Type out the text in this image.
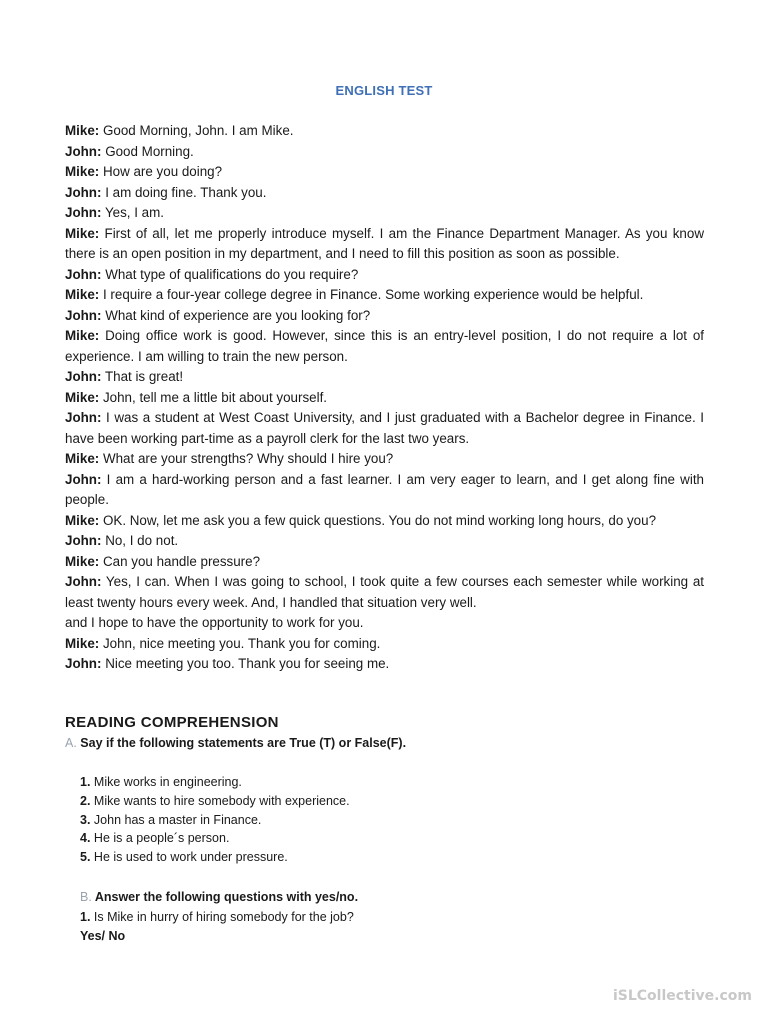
ENGLISH TEST

Mike: Good Morning, John. I am Mike.

John: Good Morning.

Mike: How are you doing?

John: I am doing fine. Thank you.

John: Yes, I am.

Mike: First of all, let me properly introduce myself. I am the Finance Department Manager. As you know there is an open position in my department, and I need to fill this position as soon as possible.

John: What type of qualifications do you require?

Mike: I require a four-year college degree in Finance. Some working experience would be helpful.

John: What kind of experience are you looking for?

Mike: Doing office work is good. However, since this is an entry-level position, I do not require a lot of experience. I am willing to train the new person.

John: That is great!

Mike: John, tell me a little bit about yourself.

John: I was a student at West Coast University, and I just graduated with a Bachelor degree in Finance. I have been working part-time as a payroll clerk for the last two years.

Mike: What are your strengths? Why should I hire you?

John: I am a hard-working person and a fast learner. I am very eager to learn, and I get along fine with people.

Mike: OK. Now, let me ask you a few quick questions. You do not mind working long hours, do you?

John: No, I do not.

Mike: Can you handle pressure?

John: Yes, I can. When I was going to school, I took quite a few courses each semester while working at least twenty hours every week. And, I handled that situation very well.

and I hope to have the opportunity to work for you.

Mike: John, nice meeting you. Thank you for coming.

John: Nice meeting you too. Thank you for seeing me.

READING COMPREHENSION
A. Say if the following statements are True (T) or False(F).
1. Mike works in engineering.
2. Mike wants to hire somebody with experience.
3. John has a master in Finance.
4. He is a people´s person.
5. He is used to work under pressure.
B. Answer the following questions with yes/no.
1. Is Mike in hurry of hiring somebody for the job?
Yes/ No
iSLCollective.com
